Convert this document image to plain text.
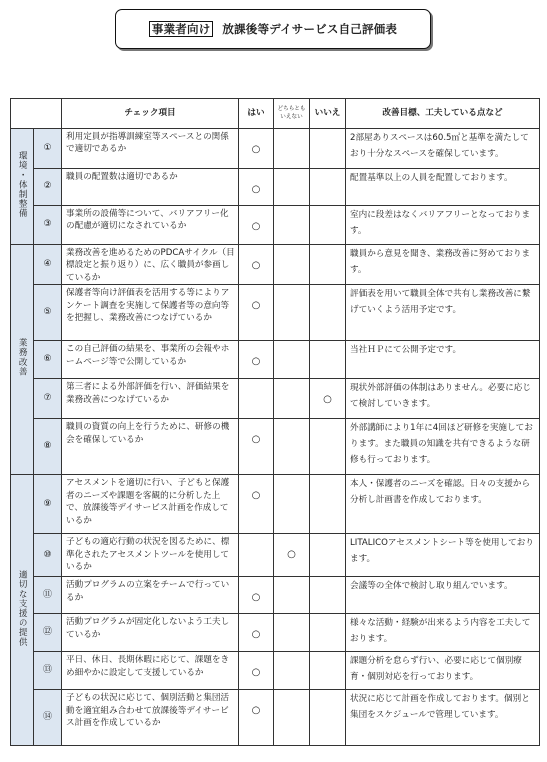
事業者向け 放課後等デイサービス自己評価表
		チェック項目	はい	どちらとも
いえない	いいえ	改善目標、工夫している点など
環境・体制整備	①	利用定員が指導訓練室等スペースとの関係で適切であるか	○			2部屋ありスペースは60.5㎡と基準を満たしており十分なスペースを確保しています。
	②	職員の配置数は適切であるか	○			配置基準以上の人員を配置しております。
	③	事業所の設備等について、バリアフリー化の配慮が適切になされているか	○			室内に段差はなくバリアフリーとなっております。
業務改善	④	業務改善を進めるためのPDCAサイクル（目標設定と振り返り）に、広く職員が参画しているか	○			職員から意見を聞き、業務改善に努めております。
	⑤	保護者等向け評価表を活用する等によりアンケート調査を実施して保護者等の意向等を把握し、業務改善につなげているか	○			評価表を用いて職員全体で共有し業務改善に繋げていくよう活用予定です。
	⑥	この自己評価の結果を、事業所の会報やホームページ等で公開しているか	○			当社ＨＰにて公開予定です。
	⑦	第三者による外部評価を行い、評価結果を業務改善につなげているか			○	現状外部評価の体制はありません。必要に応じて検討していきます。
	⑧	職員の資質の向上を行うために、研修の機会を確保しているか	○			外部講師により1年に4回ほど研修を実施しております。また職員の知識を共有できるような研修も行っております。
適切な支援の提供	⑨	アセスメントを適切に行い、子どもと保護者のニーズや課題を客観的に分析した上で、放課後等デイサービス計画を作成しているか	○			本人・保護者のニーズを確認。日々の支援から分析し計画書を作成しております。
	⑩	子どもの適応行動の状況を図るために、標準化されたアセスメントツールを使用しているか		○		LITALICOアセスメントシート等を使用しております。
	⑪	活動プログラムの立案をチームで行っているか	○			会議等の全体で検討し取り組んでいます。
	⑫	活動プログラムが固定化しないよう工夫しているか	○			様々な活動・経験が出来るよう内容を工夫しております。
	⑬	平日、休日、長期休暇に応じて、課題をきめ細やかに設定して支援しているか	○			課題分析を怠らず行い、必要に応じて個別療育・個別対応を行っております。
	⑭	子どもの状況に応じて、個別活動と集団活動を適宜組み合わせて放課後等デイサービス計画を作成しているか	○			状況に応じて計画を作成しております。個別と集団をスケジュールで管理しています。
